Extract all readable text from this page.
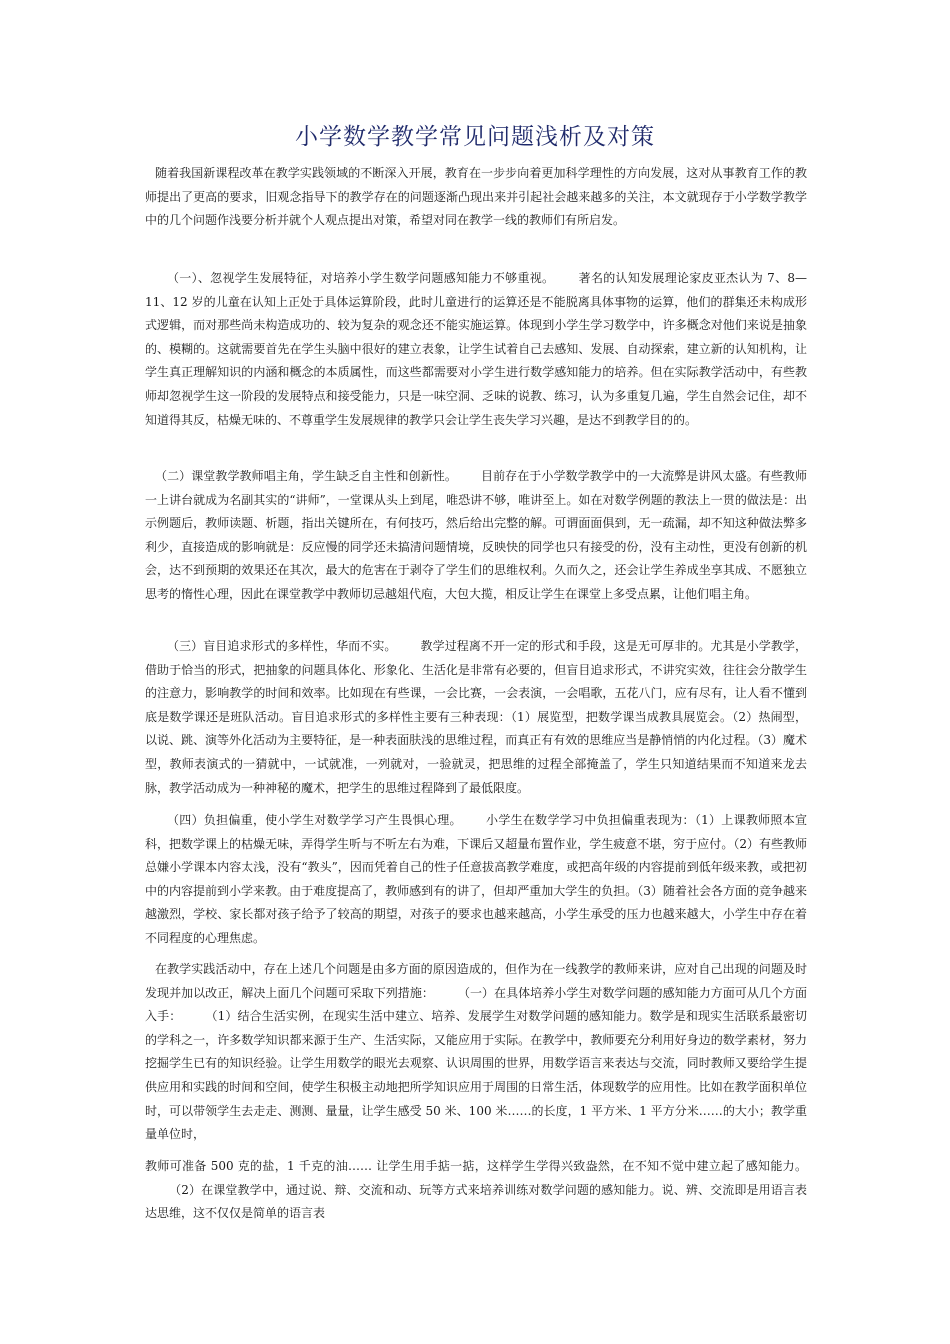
小学数学教学常见问题浅析及对策

随着我国新课程改革在教学实践领域的不断深入开展，教育在一步步向着更加科学理性的方向发展，这对从事教育工作的教师提出了更高的要求，旧观念指导下的教学存在的问题逐渐凸现出来并引起社会越来越多的关注，本文就现存于小学数学教学中的几个问题作浅要分析并就个人观点提出对策，希望对同在教学一线的教师们有所启发。

（一）、忽视学生发展特征，对培养小学生数学问题感知能力不够重视。 著名的认知发展理论家皮亚杰认为 7、8—11、12 岁的儿童在认知上正处于具体运算阶段，此时儿童进行的运算还是不能脱离具体事物的运算，他们的群集还未构成形式逻辑，而对那些尚未构造成功的、较为复杂的观念还不能实施运算。体现到小学生学习数学中，许多概念对他们来说是抽象的、模糊的。这就需要首先在学生头脑中很好的建立表象，让学生试着自己去感知、发展、自动探索，建立新的认知机构，让学生真正理解知识的内涵和概念的本质属性，而这些都需要对小学生进行数学感知能力的培养。但在实际教学活动中，有些教师却忽视学生这一阶段的发展特点和接受能力，只是一味空洞、乏味的说教、练习，认为多重复几遍，学生自然会记住，却不知道得其反，枯燥无味的、不尊重学生发展规律的教学只会让学生丧失学习兴趣，是达不到教学目的的。

（二）课堂教学教师唱主角，学生缺乏自主性和创新性。 目前存在于小学数学教学中的一大流弊是讲风太盛。有些教师一上讲台就成为名副其实的“讲师”，一堂课从头上到尾，唯恐讲不够，唯讲至上。如在对数学例题的教法上一贯的做法是：出示例题后，教师读题、析题，指出关键所在，有何技巧，然后给出完整的解。可谓面面俱到，无一疏漏，却不知这种做法弊多利少，直接造成的影响就是：反应慢的同学还未搞清问题情境，反映快的同学也只有接受的份，没有主动性，更没有创新的机会，达不到预期的效果还在其次，最大的危害在于剥夺了学生们的思维权利。久而久之，还会让学生养成坐享其成、不愿独立思考的惰性心理，因此在课堂教学中教师切忌越俎代庖，大包大揽，相反让学生在课堂上多受点累，让他们唱主角。

（三）盲目追求形式的多样性，华而不实。 教学过程离不开一定的形式和手段，这是无可厚非的。尤其是小学教学，借助于恰当的形式，把抽象的问题具体化、形象化、生活化是非常有必要的，但盲目追求形式，不讲究实效，往往会分散学生的注意力，影响教学的时间和效率。比如现在有些课，一会比赛，一会表演，一会唱歌，五花八门，应有尽有，让人看不懂到底是数学课还是班队活动。盲目追求形式的多样性主要有三种表现：（1）展览型，把数学课当成教具展览会。（2）热闹型，以说、跳、演等外化活动为主要特征，是一种表面肤浅的思维过程，而真正有有效的思维应当是静悄悄的内化过程。（3）魔术型，教师表演式的一猜就中，一试就准，一列就对，一验就灵，把思维的过程全部掩盖了，学生只知道结果而不知道来龙去脉，教学活动成为一种神秘的魔术，把学生的思维过程降到了最低限度。

（四）负担偏重，使小学生对数学学习产生畏惧心理。 小学生在数学学习中负担偏重表现为：（1）上课教师照本宣科，把数学课上的枯燥无味，弄得学生听与不听左右为难，下课后又超量布置作业，学生疲意不堪，穷于应付。（2）有些教师总嫌小学课本内容太浅，没有“教头”，因而凭着自己的性子任意拔高教学难度，或把高年级的内容提前到低年级来教，或把初中的内容提前到小学来教。由于难度提高了，教师感到有的讲了，但却严重加大学生的负担。（3）随着社会各方面的竞争越来越激烈，学校、家长都对孩子给予了较高的期望，对孩子的要求也越来越高，小学生承受的压力也越来越大，小学生中存在着不同程度的心理焦虑。

在教学实践活动中，存在上述几个问题是由多方面的原因造成的，但作为在一线教学的教师来讲，应对自己出现的问题及时发现并加以改正，解决上面几个问题可采取下列措施： （一）在具体培养小学生对数学问题的感知能力方面可从几个方面入手： （1）结合生活实例，在现实生活中建立、培养、发展学生对数学问题的感知能力。数学是和现实生活联系最密切的学科之一，许多数学知识都来源于生产、生活实际，又能应用于实际。在教学中，教师要充分利用好身边的数学素材，努力挖掘学生已有的知识经验。让学生用数学的眼光去观察、认识周围的世界，用数学语言来表达与交流，同时教师又要给学生提供应用和实践的时间和空间，使学生积极主动地把所学知识应用于周围的日常生活，体现数学的应用性。比如在教学面积单位时，可以带领学生去走走、测测、量量，让学生感受 50 米、100 米……的长度，1 平方米、1 平方分米……的大小；教学重量单位时，

教师可准备 500 克的盐，1 千克的油…… 让学生用手掂一掂，这样学生学得兴致盎然，在不知不觉中建立起了感知能力。（2）在课堂教学中，通过说、辩、交流和动、玩等方式来培养训练对数学问题的感知能力。说、辨、交流即是用语言表达思维，这不仅仅是简单的语言表
